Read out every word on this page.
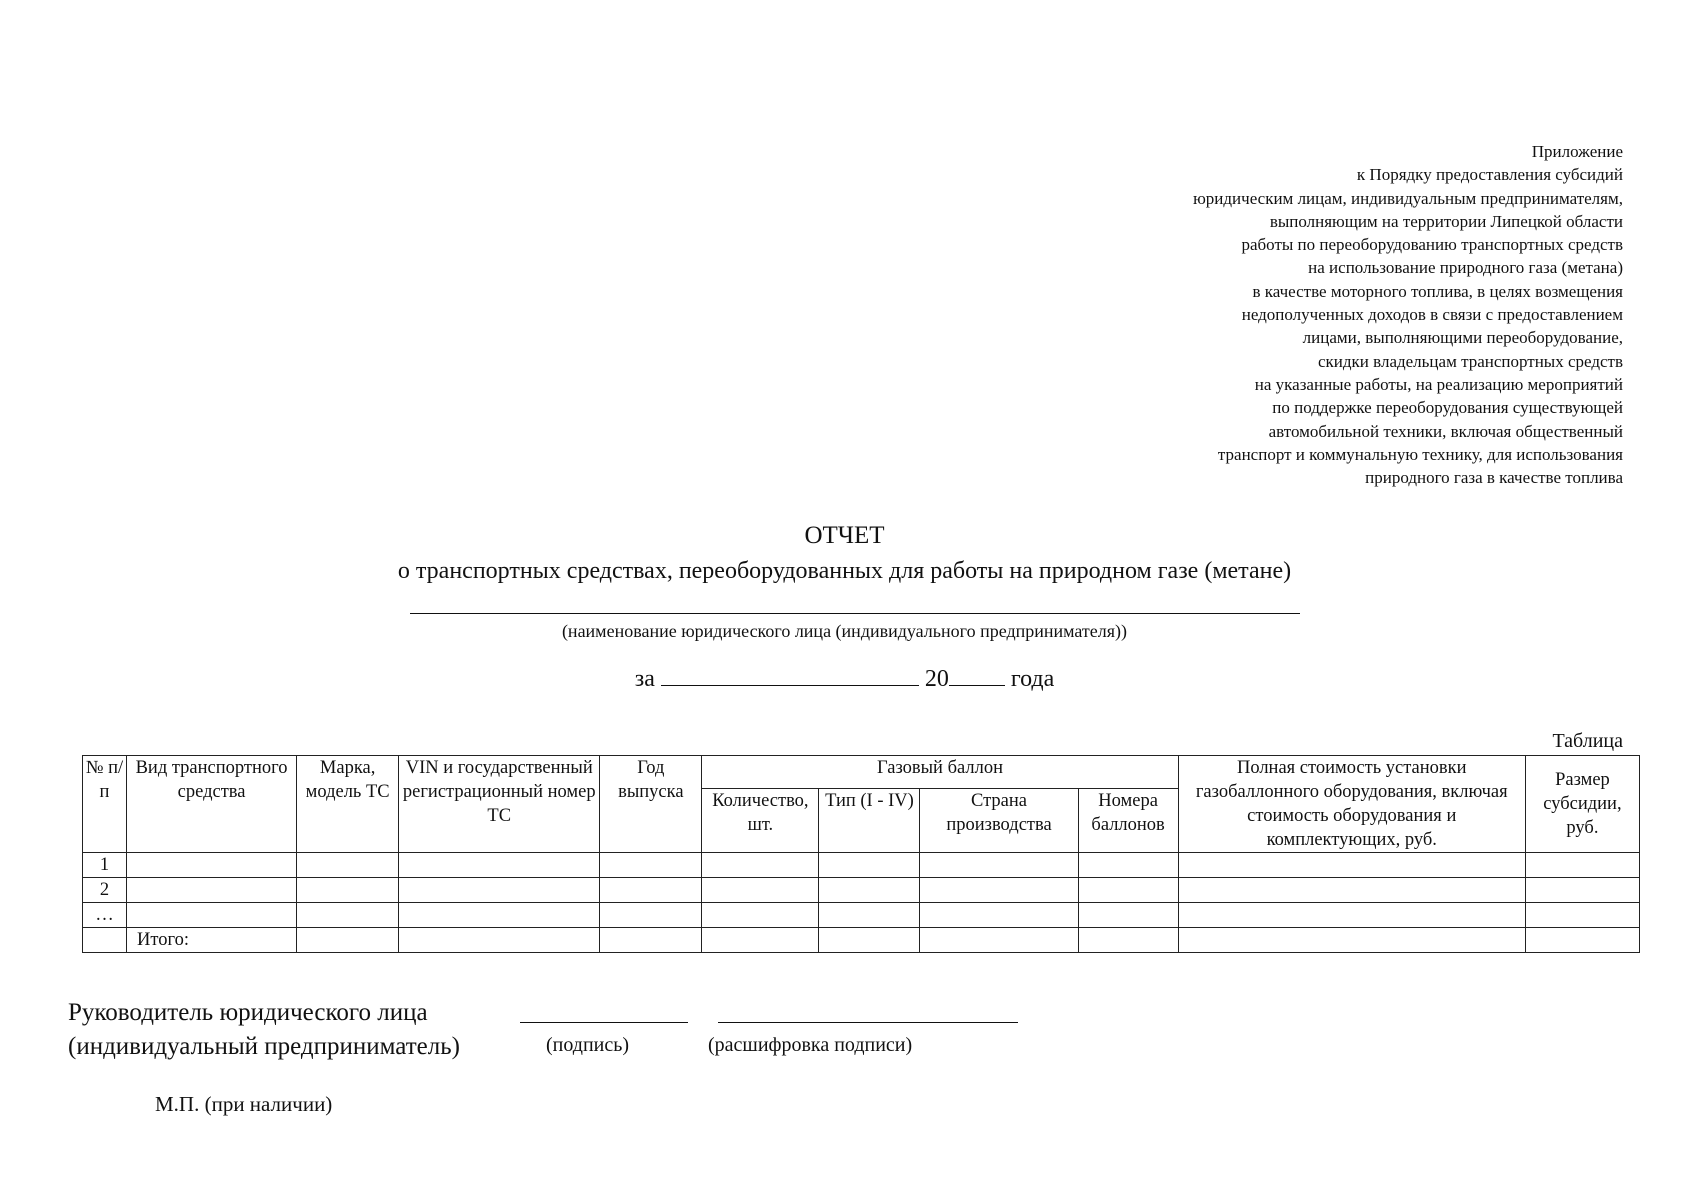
Приложение
к Порядку предоставления субсидий
юридическим лицам, индивидуальным предпринимателям,
выполняющим на территории Липецкой области
работы по переоборудованию транспортных средств
на использование природного газа (метана)
в качестве моторного топлива, в целях возмещения
недополученных доходов в связи с предоставлением
лицами, выполняющими переоборудование,
скидки владельцам транспортных средств
на указанные работы, на реализацию мероприятий
по поддержке переоборудования существующей
автомобильной техники, включая общественный
транспорт и коммунальную технику, для использования
природного газа в качестве топлива
ОТЧЕТ
о транспортных средствах, переоборудованных для работы на природном газе (метане)
(наименование юридического лица (индивидуального предпринимателя))
за	20	года
Таблица
№ п/п	Вид транспортного средства	Марка, модель ТС	VIN и государственный регистрационный номер ТС	Год выпуска	Газовый баллон				Полная стоимость установки газобаллонного оборудования, включая стоимость оборудования и комплектующих, руб.	Размер субсидии, руб.
					Количество, шт.	Тип (I - IV)	Страна производства	Номера баллонов		
1										
2										
…										
	Итого:									
Руководитель юридического лица
(индивидуальный предприниматель)	(подпись)	(расшифровка подписи)
М.П. (при наличии)
